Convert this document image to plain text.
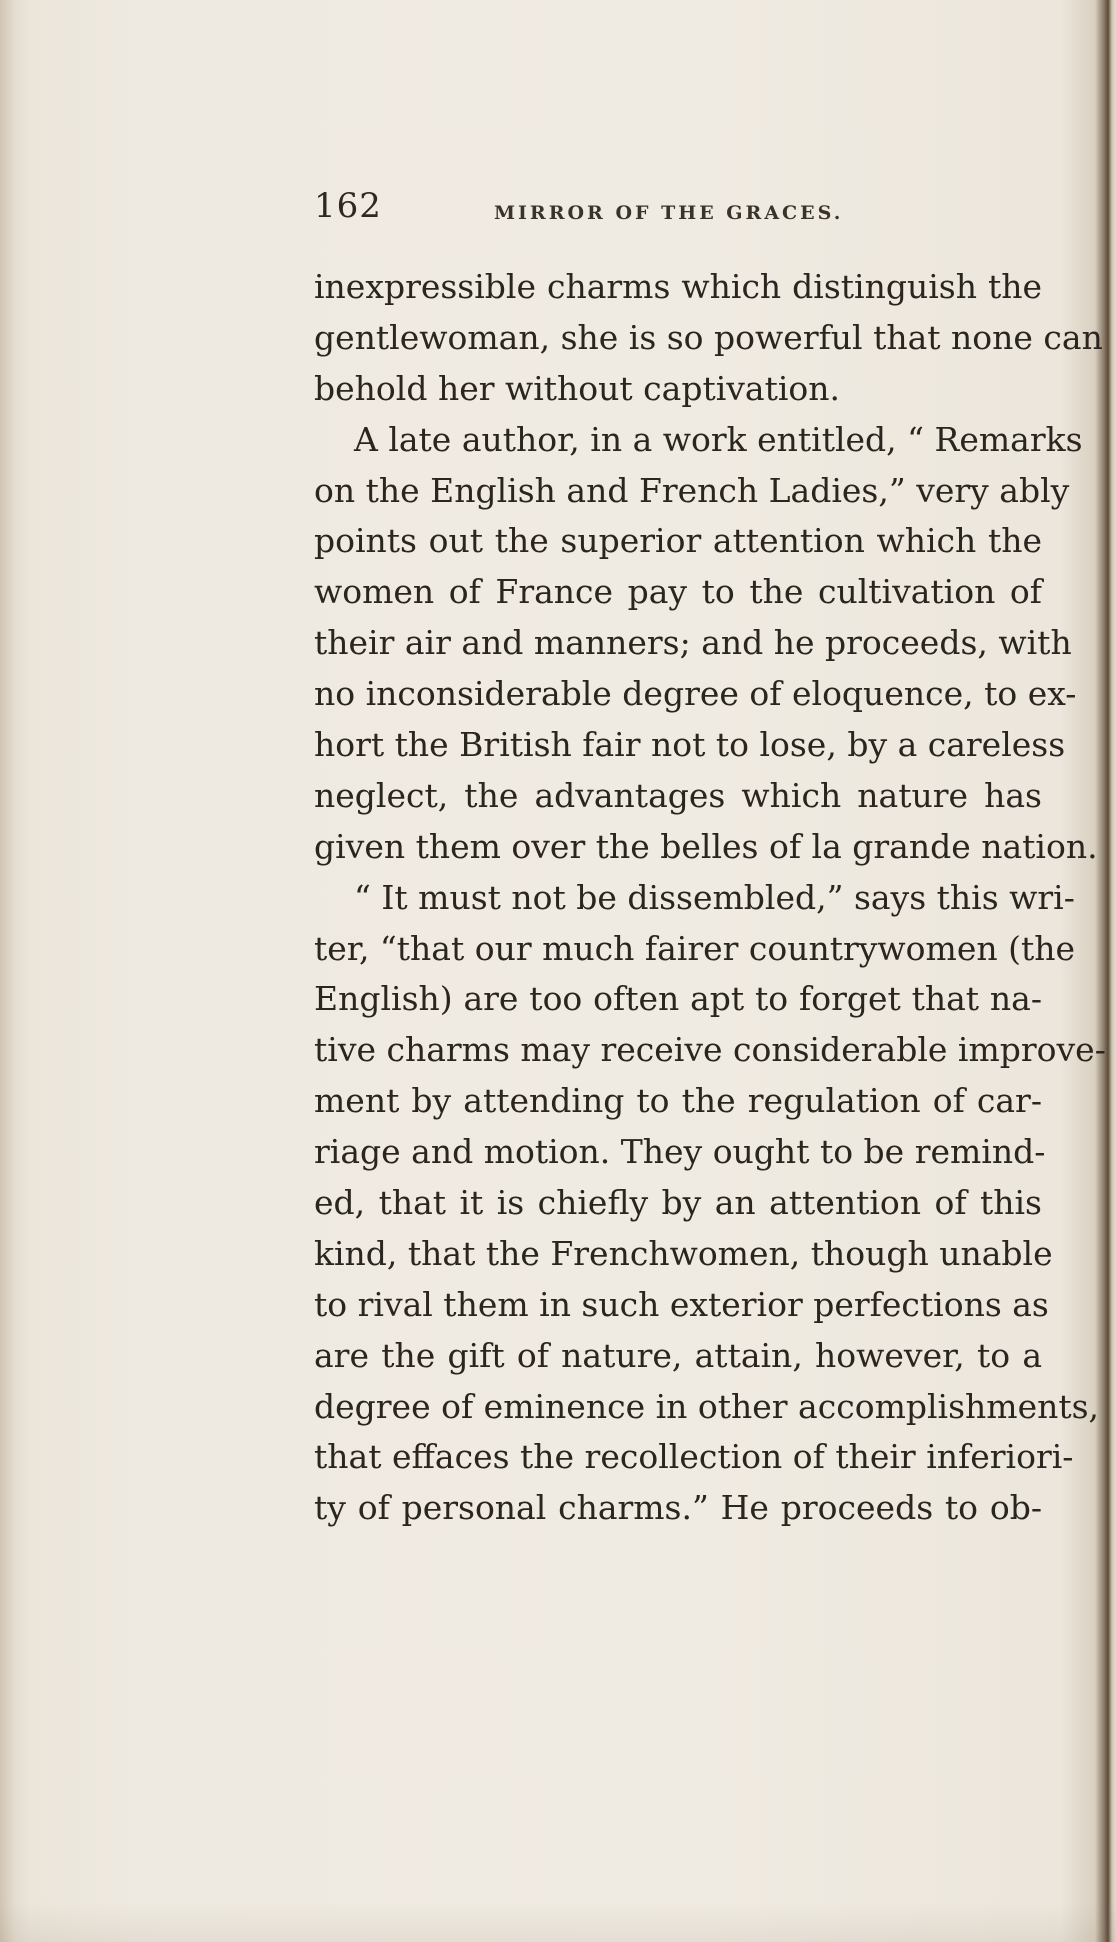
162	MIRROR OF THE GRACES.
inexpressible charms which distinguish the
gentlewoman, she is so powerful that none can
behold her without captivation.
A late author, in a work entitled, “ Remarks
on the English and French Ladies,” very ably
points out the superior attention which the
women of France pay to the cultivation of
their air and manners; and he proceeds, with
no inconsiderable degree of eloquence, to ex-
hort the British fair not to lose, by a careless
neglect, the advantages which nature has
given them over the belles of la grande nation.
“ It must not be dissembled,” says this wri-
ter, “that our much fairer countrywomen (the
English) are too often apt to forget that na-
tive charms may receive considerable improve-
ment by attending to the regulation of car-
riage and motion. They ought to be remind-
ed, that it is chiefly by an attention of this
kind, that the Frenchwomen, though unable
to rival them in such exterior perfections as
are the gift of nature, attain, however, to a
degree of eminence in other accomplishments,
that effaces the recollection of their inferiori-
ty of personal charms.” He proceeds to ob-
